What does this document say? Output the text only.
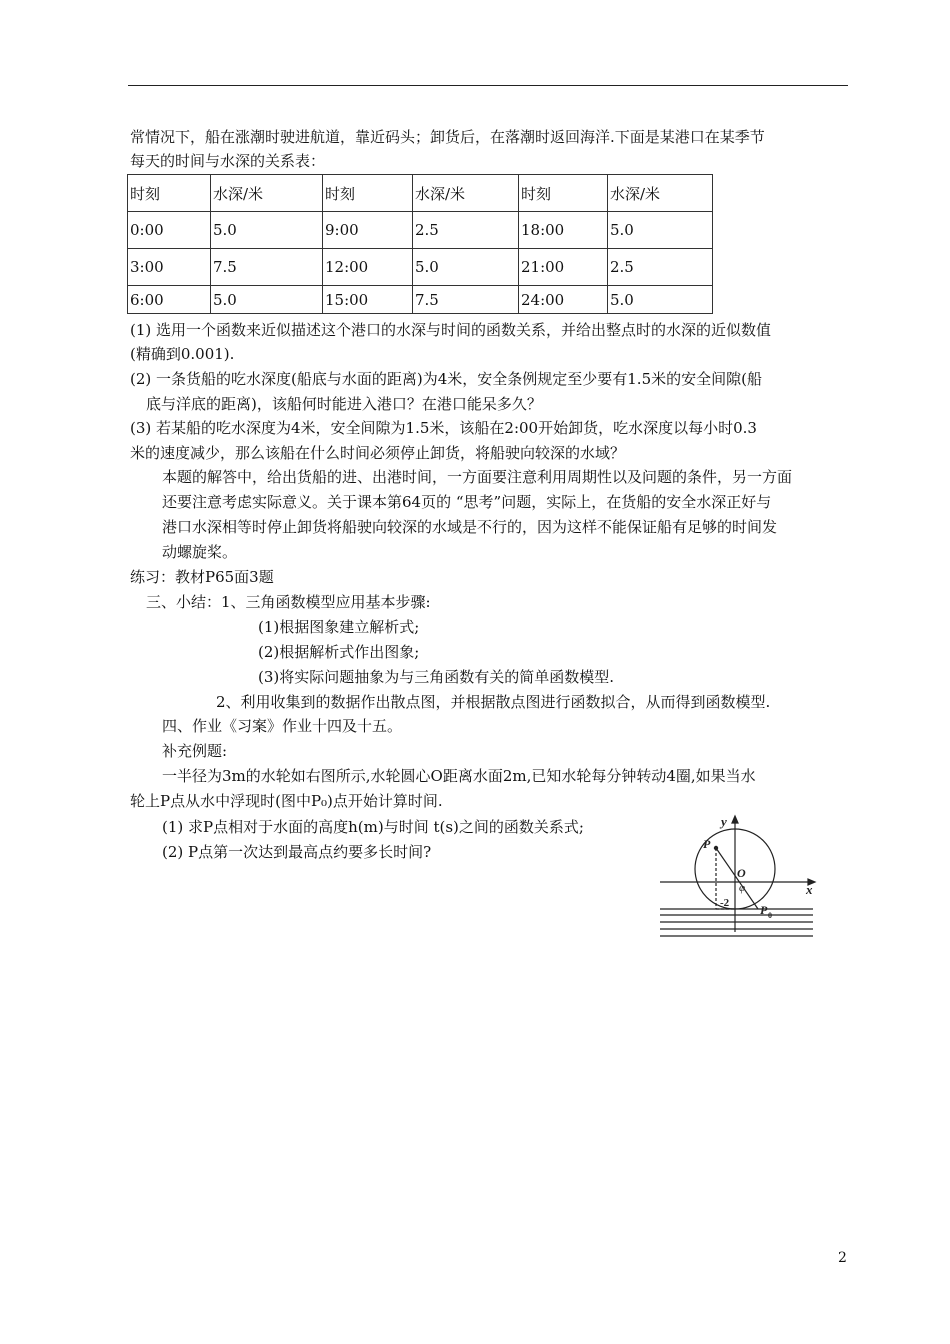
常情况下，船在涨潮时驶进航道，靠近码头；卸货后，在落潮时返回海洋.下面是某港口在某季节
每天的时间与水深的关系表：
时刻	水深/米	时刻	水深/米	时刻	水深/米
0:00	5.0	9:00	2.5	18:00	5.0
3:00	7.5	12:00	5.0	21:00	2.5
6:00	5.0	15:00	7.5	24:00	5.0
(1) 选用一个函数来近似描述这个港口的水深与时间的函数关系，并给出整点时的水深的近似数值
(精确到0.001).
(2) 一条货船的吃水深度(船底与水面的距离)为4米，安全条例规定至少要有1.5米的安全间隙(船
底与洋底的距离)，该船何时能进入港口？在港口能呆多久？
(3) 若某船的吃水深度为4米，安全间隙为1.5米，该船在2:00开始卸货，吃水深度以每小时0.3
米的速度减少，那么该船在什么时间必须停止卸货，将船驶向较深的水域？
本题的解答中，给出货船的进、出港时间，一方面要注意利用周期性以及问题的条件，另一方面
还要注意考虑实际意义。关于课本第64页的 “思考”问题，实际上，在货船的安全水深正好与
港口水深相等时停止卸货将船驶向较深的水域是不行的，因为这样不能保证船有足够的时间发
动螺旋桨。
练习：教材P65面3题
三、小结：1、三角函数模型应用基本步骤:
(1)根据图象建立解析式;
(2)根据解析式作出图象;
(3)将实际问题抽象为与三角函数有关的简单函数模型.
2、利用收集到的数据作出散点图，并根据散点图进行函数拟合，从而得到函数模型.
四、作业《习案》作业十四及十五。
补充例题:
一半径为3m的水轮如右图所示,水轮圆心O距离水面2m,已知水轮每分钟转动4圈,如果当水
轮上P点从水中浮现时(图中P₀)点开始计算时间.
(1) 求P点相对于水面的高度h(m)与时间 t(s)之间的函数关系式;
(2) P点第一次达到最高点约要多长时间?
y
x
P
O
φ
-2	P 0
2
